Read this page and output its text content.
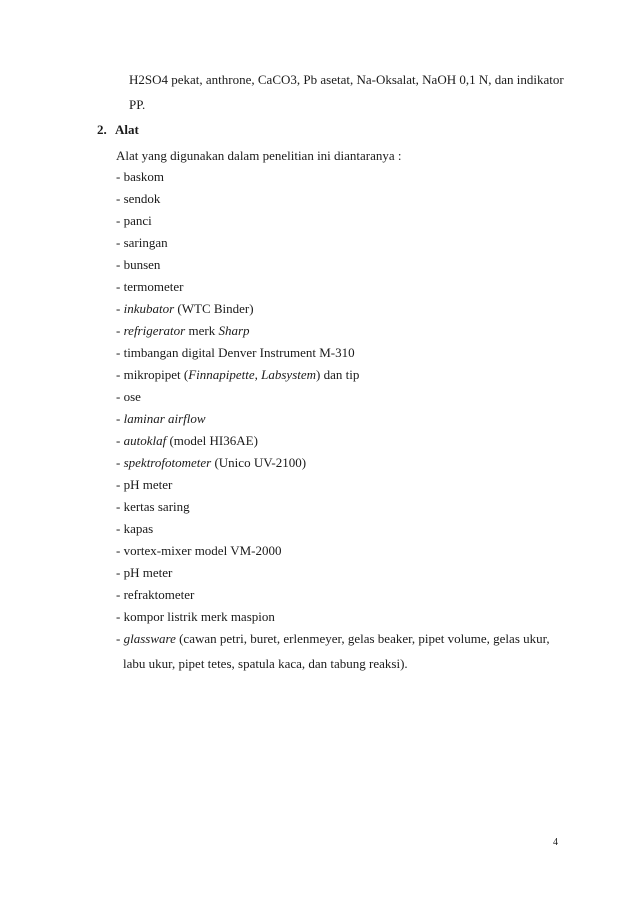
H2SO4 pekat, anthrone, CaCO3, Pb asetat, Na-Oksalat, NaOH 0,1 N, dan indikator
PP.
2. Alat
Alat yang digunakan dalam penelitian ini diantaranya :
- baskom
- sendok
- panci
- saringan
- bunsen
- termometer
- inkubator (WTC Binder)
- refrigerator merk Sharp
- timbangan digital Denver Instrument M-310
- mikropipet (Finnapipette, Labsystem) dan tip
- ose
- laminar airflow
- autoklaf (model HI36AE)
- spektrofotometer (Unico UV-2100)
- pH meter
- kertas saring
- kapas
- vortex-mixer model VM-2000
- pH meter
- refraktometer
- kompor listrik merk maspion
- glassware (cawan petri, buret, erlenmeyer, gelas beaker, pipet volume, gelas ukur,
labu ukur, pipet tetes, spatula kaca, dan tabung reaksi).
4
